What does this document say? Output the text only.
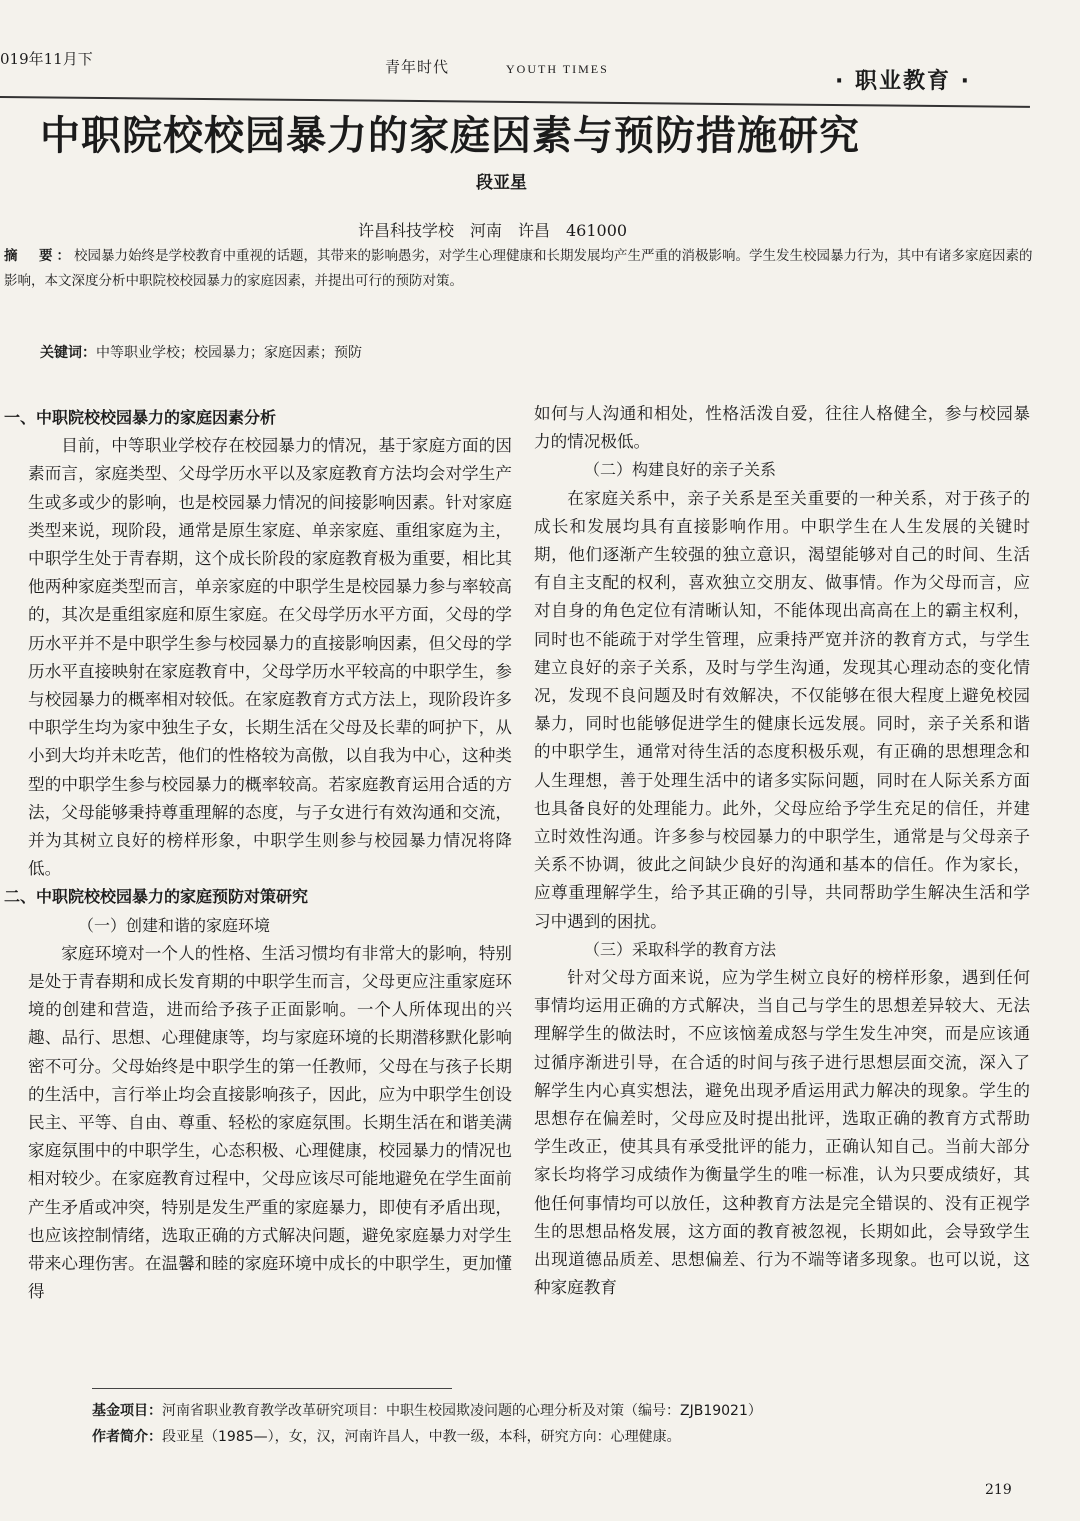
019年11月下	青年时代	YOUTH TIMES	· 职业教育 ·
中职院校校园暴力的家庭因素与预防措施研究
段亚星
许昌科技学校　河南　许昌　461000
摘　要：校园暴力始终是学校教育中重视的话题，其带来的影响愚劣，对学生心理健康和长期发展均产生严重的消极影响。学生发生校园暴力行为，其中有诸多家庭因素的影响，本文深度分析中职院校校园暴力的家庭因素，并提出可行的预防对策。
关键词：中等职业学校；校园暴力；家庭因素；预防

一、中职院校校园暴力的家庭因素分析

目前，中等职业学校存在校园暴力的情况，基于家庭方面的因素而言，家庭类型、父母学历水平以及家庭教育方法均会对学生产生或多或少的影响，也是校园暴力情况的间接影响因素。针对家庭类型来说，现阶段，通常是原生家庭、单亲家庭、重组家庭为主，中职学生处于青春期，这个成长阶段的家庭教育极为重要，相比其他两种家庭类型而言，单亲家庭的中职学生是校园暴力参与率较高的，其次是重组家庭和原生家庭。在父母学历水平方面，父母的学历水平并不是中职学生参与校园暴力的直接影响因素，但父母的学历水平直接映射在家庭教育中，父母学历水平较高的中职学生，参与校园暴力的概率相对较低。在家庭教育方式方法上，现阶段许多中职学生均为家中独生子女，长期生活在父母及长辈的呵护下，从小到大均并未吃苦，他们的性格较为高傲，以自我为中心，这种类型的中职学生参与校园暴力的概率较高。若家庭教育运用合适的方法，父母能够秉持尊重理解的态度，与子女进行有效沟通和交流，并为其树立良好的榜样形象，中职学生则参与校园暴力情况将降低。

二、中职院校校园暴力的家庭预防对策研究

（一）创建和谐的家庭环境

家庭环境对一个人的性格、生活习惯均有非常大的影响，特别是处于青春期和成长发育期的中职学生而言，父母更应注重家庭环境的创建和营造，进而给予孩子正面影响。一个人所体现出的兴趣、品行、思想、心理健康等，均与家庭环境的长期潜移默化影响密不可分。父母始终是中职学生的第一任教师，父母在与孩子长期的生活中，言行举止均会直接影响孩子，因此，应为中职学生创设民主、平等、自由、尊重、轻松的家庭氛围。长期生活在和谐美满家庭氛围中的中职学生，心态积极、心理健康，校园暴力的情况也相对较少。在家庭教育过程中，父母应该尽可能地避免在学生面前产生矛盾或冲突，特别是发生严重的家庭暴力，即使有矛盾出现，也应该控制情绪，选取正确的方式解决问题，避免家庭暴力对学生带来心理伤害。在温馨和睦的家庭环境中成长的中职学生，更加懂得

如何与人沟通和相处，性格活泼自爱，往往人格健全，参与校园暴力的情况极低。

（二）构建良好的亲子关系

在家庭关系中，亲子关系是至关重要的一种关系，对于孩子的成长和发展均具有直接影响作用。中职学生在人生发展的关键时期，他们逐渐产生较强的独立意识，渴望能够对自己的时间、生活有自主支配的权利，喜欢独立交朋友、做事情。作为父母而言，应对自身的角色定位有清晰认知，不能体现出高高在上的霸主权利，同时也不能疏于对学生管理，应秉持严宽并济的教育方式，与学生建立良好的亲子关系，及时与学生沟通，发现其心理动态的变化情况，发现不良问题及时有效解决，不仅能够在很大程度上避免校园暴力，同时也能够促进学生的健康长远发展。同时，亲子关系和谐的中职学生，通常对待生活的态度积极乐观，有正确的思想理念和人生理想，善于处理生活中的诸多实际问题，同时在人际关系方面也具备良好的处理能力。此外，父母应给予学生充足的信任，并建立时效性沟通。许多参与校园暴力的中职学生，通常是与父母亲子关系不协调，彼此之间缺少良好的沟通和基本的信任。作为家长，应尊重理解学生，给予其正确的引导，共同帮助学生解决生活和学习中遇到的困扰。

（三）采取科学的教育方法

针对父母方面来说，应为学生树立良好的榜样形象，遇到任何事情均运用正确的方式解决，当自己与学生的思想差异较大、无法理解学生的做法时，不应该恼羞成怒与学生发生冲突，而是应该通过循序渐进引导，在合适的时间与孩子进行思想层面交流，深入了解学生内心真实想法，避免出现矛盾运用武力解决的现象。学生的思想存在偏差时，父母应及时提出批评，选取正确的教育方式帮助学生改正，使其具有承受批评的能力，正确认知自己。当前大部分家长均将学习成绩作为衡量学生的唯一标准，认为只要成绩好，其他任何事情均可以放任，这种教育方法是完全错误的、没有正视学生的思想品格发展，这方面的教育被忽视，长期如此，会导致学生出现道德品质差、思想偏差、行为不端等诸多现象。也可以说，这种家庭教育

基金项目：河南省职业教育教学改革研究项目：中职生校园欺凌问题的心理分析及对策（编号：ZJB19021）
作者简介：段亚星（1985—），女，汉，河南许昌人，中教一级，本科，研究方向：心理健康。
219
